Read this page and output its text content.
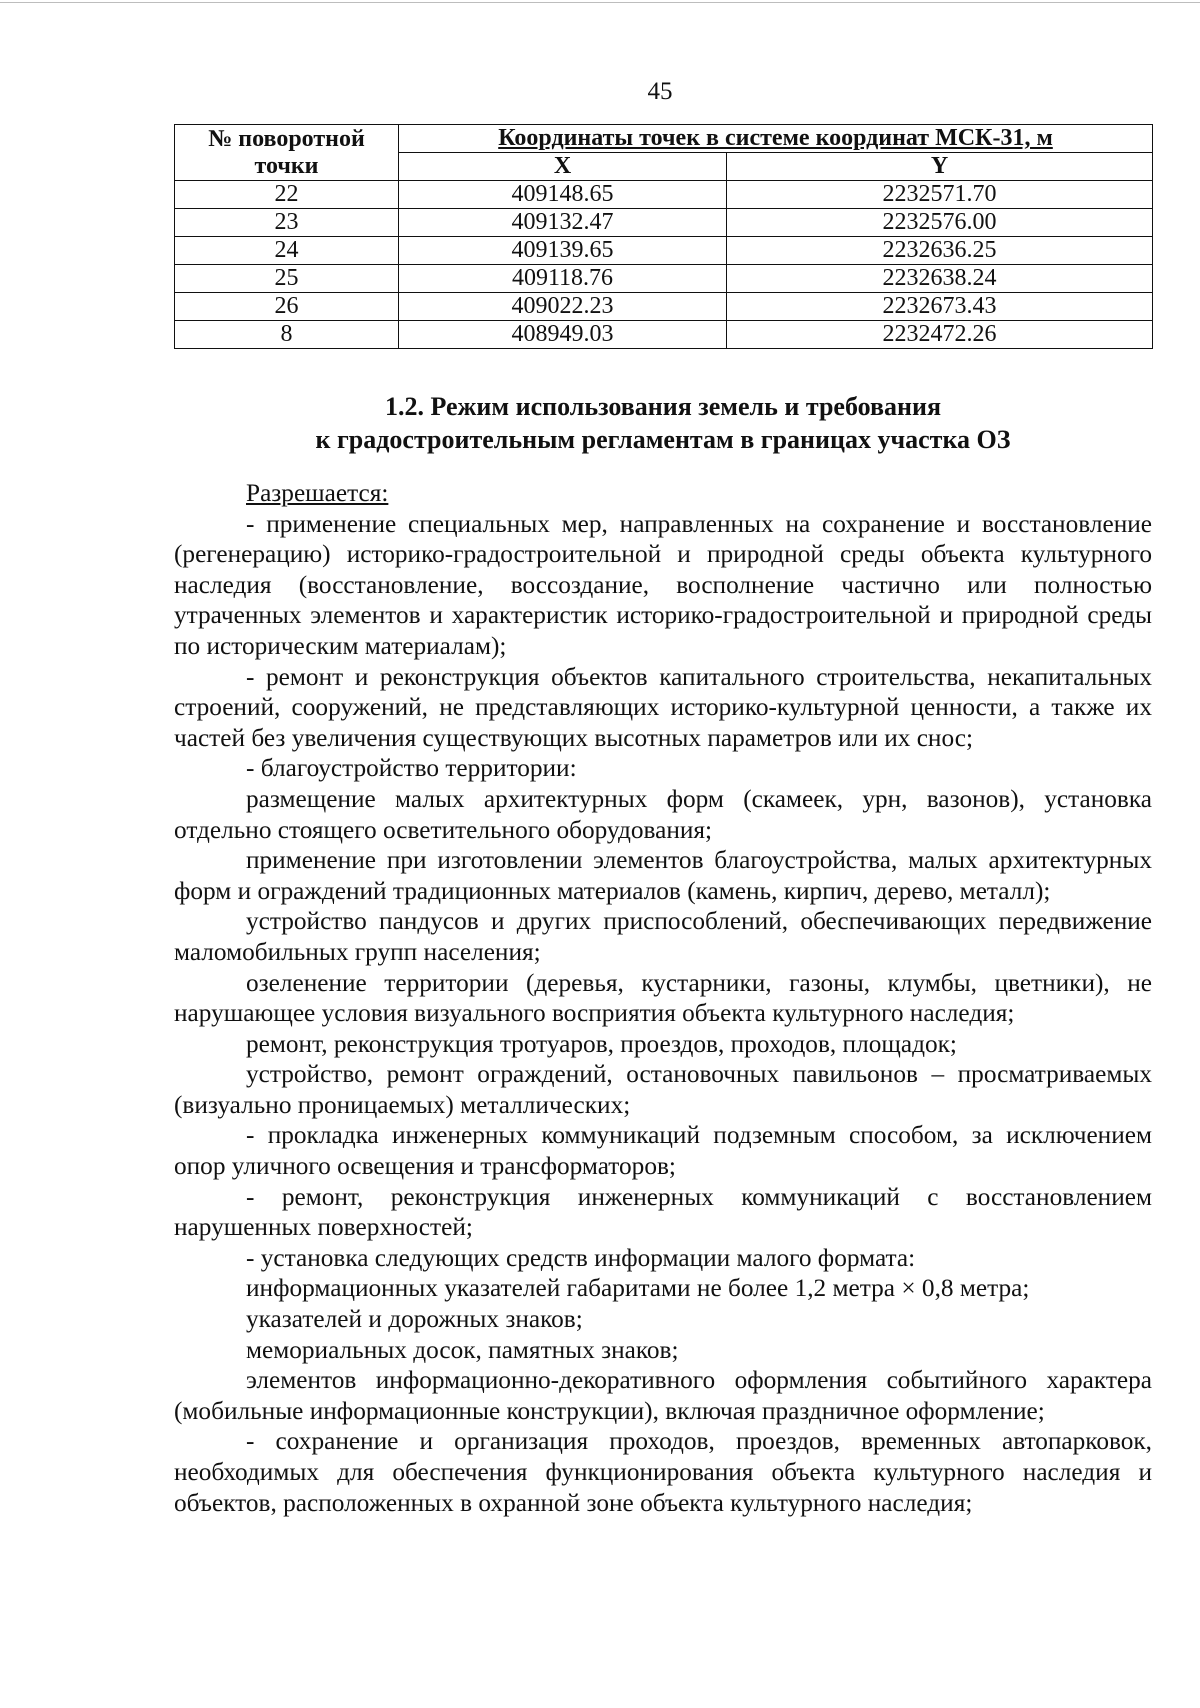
45
№ поворотной
точки	Координаты точек в системе координат МСК-31, м	
	X	Y
22	409148.65	2232571.70
23	409132.47	2232576.00
24	409139.65	2232636.25
25	409118.76	2232638.24
26	409022.23	2232673.43
8	408949.03	2232472.26
1.2. Режим использования земель и требования
к градостроительным регламентам в границах участка ОЗ

Разрешается:

- применение специальных мер, направленных на сохранение и восстановление (регенерацию) историко-градостроительной и природной среды объекта культурного наследия (восстановление, воссоздание, восполнение частично или полностью утраченных элементов и характеристик историко-градостроительной и природной среды по историческим материалам);

- ремонт и реконструкция объектов капитального строительства, некапитальных строений, сооружений, не представляющих историко-культурной ценности, а также их частей без увеличения существующих высотных параметров или их снос;

- благоустройство территории:

размещение малых архитектурных форм (скамеек, урн, вазонов), установка отдельно стоящего осветительного оборудования;

применение при изготовлении элементов благоустройства, малых архитектурных форм и ограждений традиционных материалов (камень, кирпич, дерево, металл);

устройство пандусов и других приспособлений, обеспечивающих передвижение маломобильных групп населения;

озеленение территории (деревья, кустарники, газоны, клумбы, цветники), не нарушающее условия визуального восприятия объекта культурного наследия;

ремонт, реконструкция тротуаров, проездов, проходов, площадок;

устройство, ремонт ограждений, остановочных павильонов – просматриваемых (визуально проницаемых) металлических;

- прокладка инженерных коммуникаций подземным способом, за исключением опор уличного освещения и трансформаторов;

- ремонт, реконструкция инженерных коммуникаций с восстановлением нарушенных поверхностей;

- установка следующих средств информации малого формата:

информационных указателей габаритами не более 1,2 метра × 0,8 метра;

указателей и дорожных знаков;

мемориальных досок, памятных знаков;

элементов информационно-декоративного оформления событийного характера (мобильные информационные конструкции), включая праздничное оформление;

- сохранение и организация проходов, проездов, временных автопарковок, необходимых для обеспечения функционирования объекта культурного наследия и объектов, расположенных в охранной зоне объекта культурного наследия;
